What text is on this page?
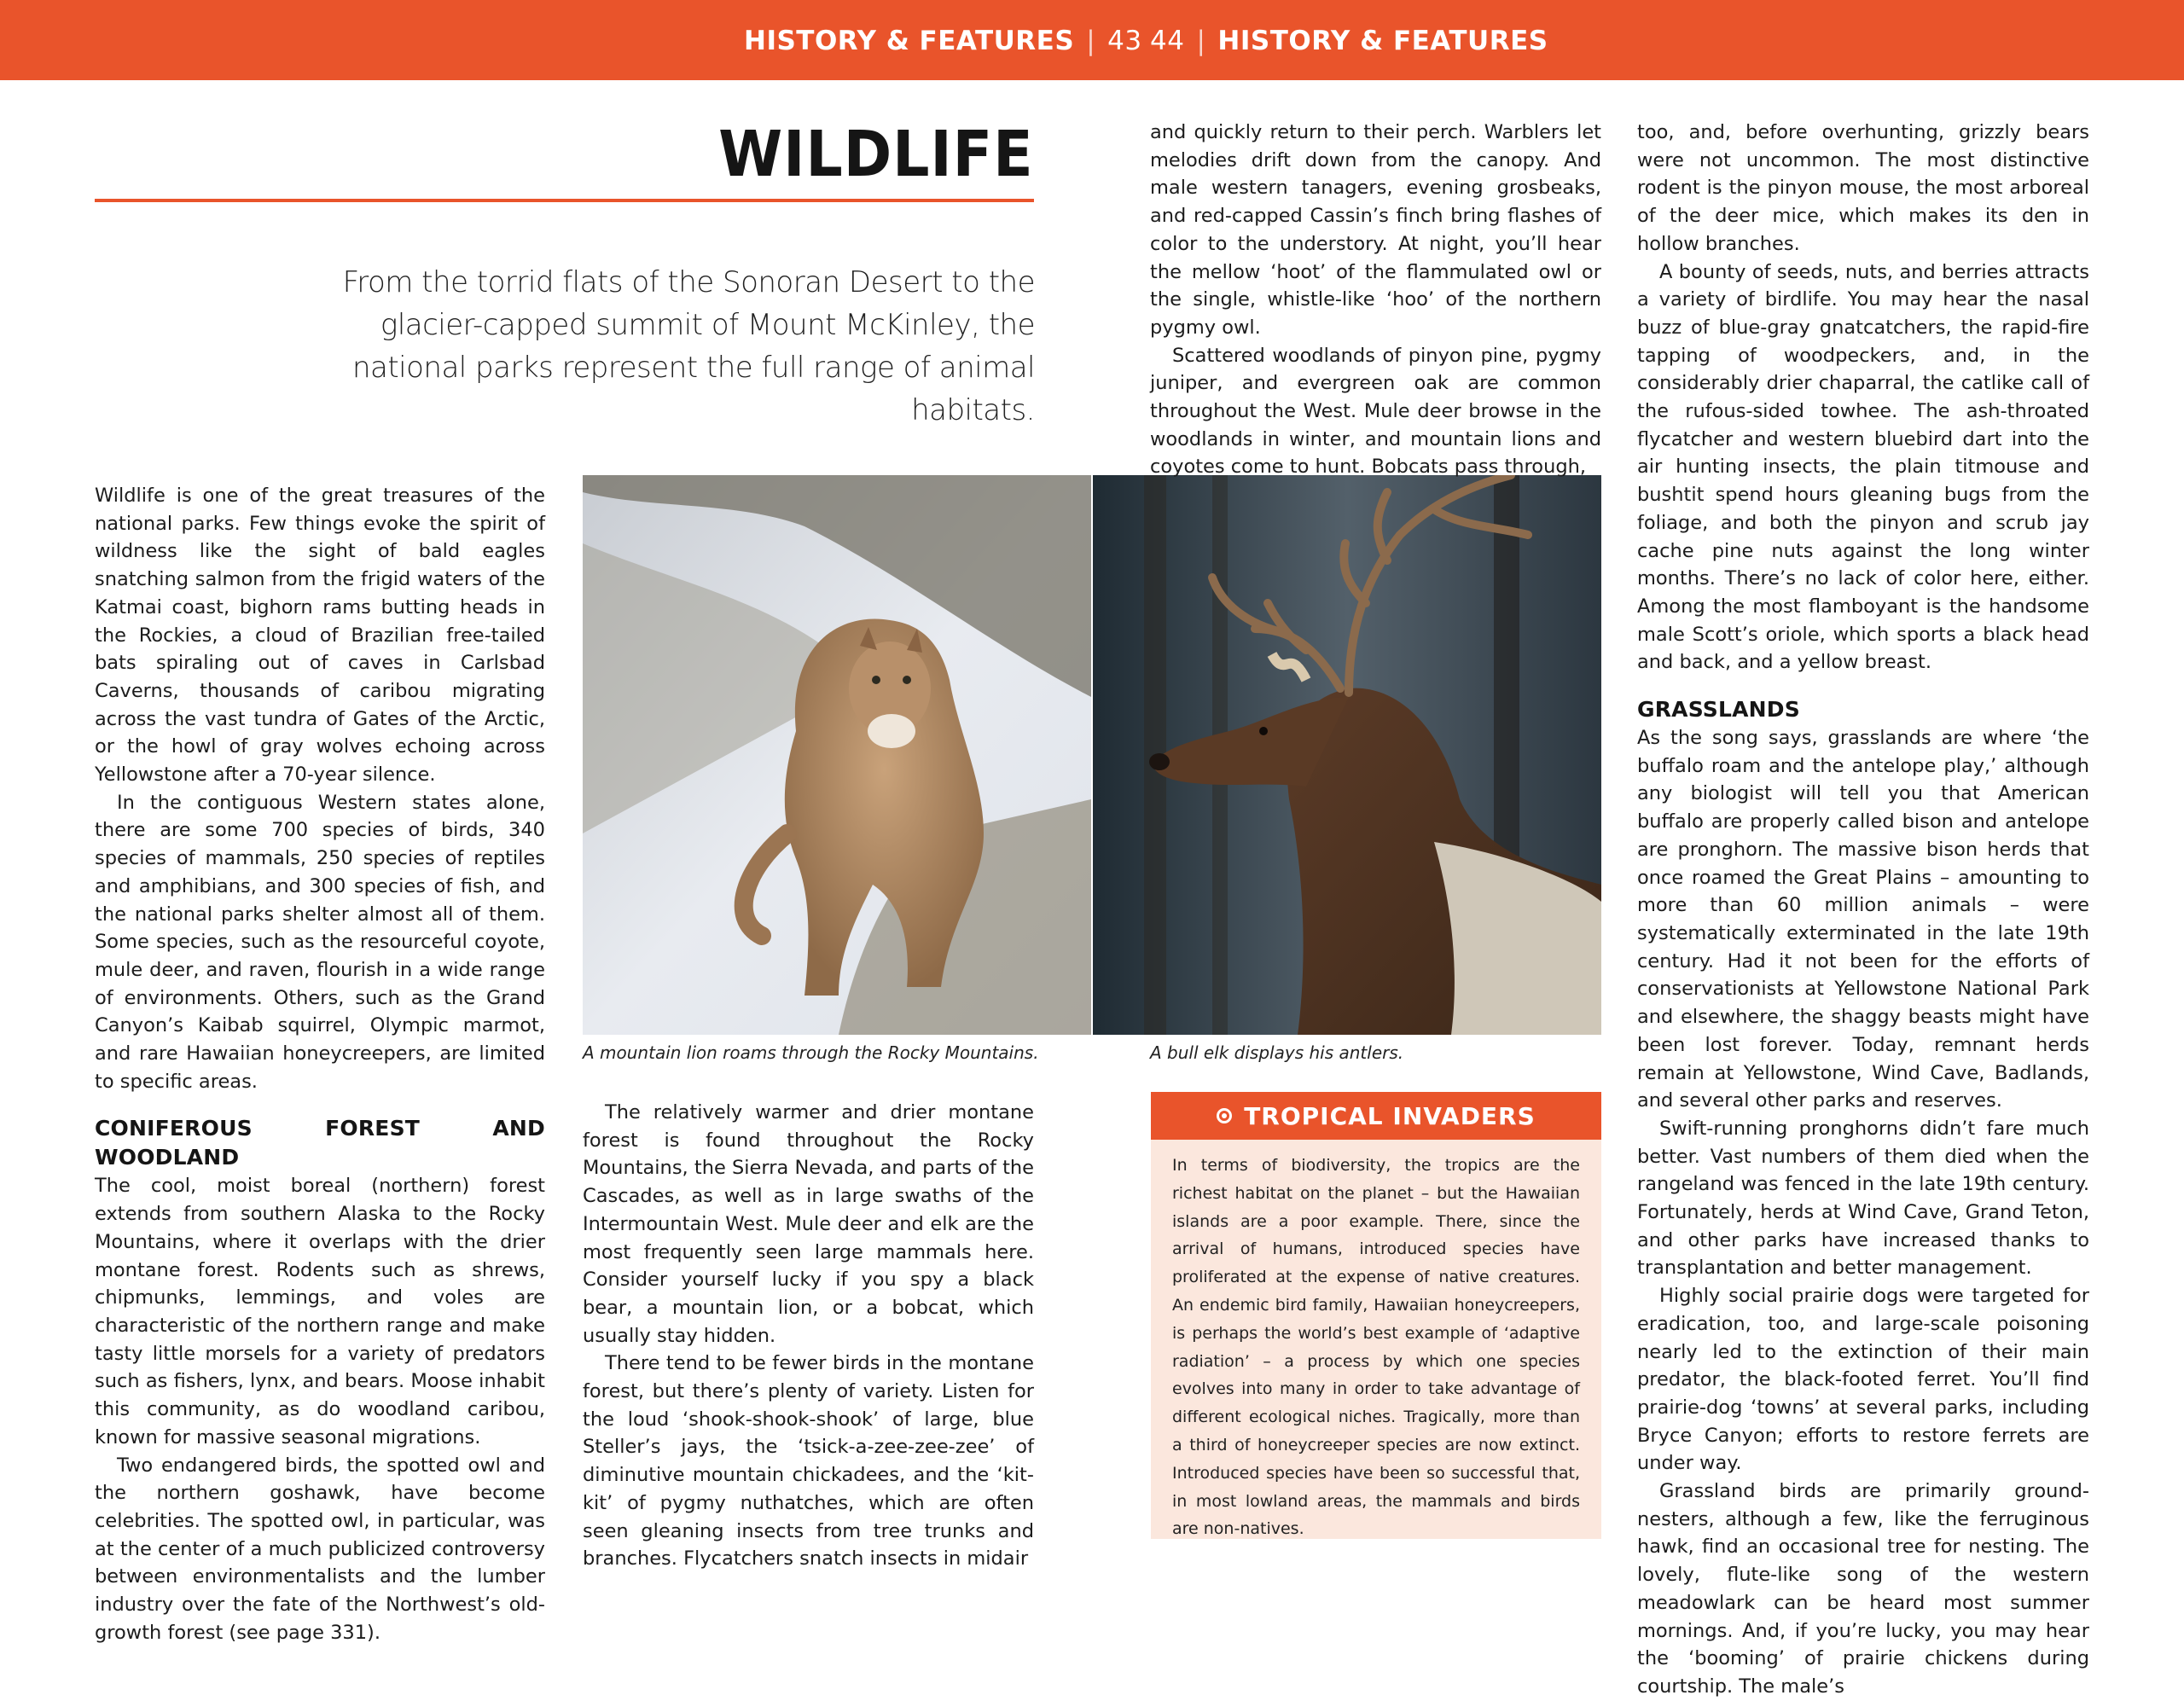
HISTORY & FEATURES | 43 44 | HISTORY & FEATURES
WILDLIFE
From the torrid flats of the Sonoran Desert to the glacier-capped summit of Mount McKinley, the national parks represent the full range of animal habitats.

Wildlife is one of the great treasures of the national parks. Few things evoke the spirit of wildness like the sight of bald eagles snatching salmon from the frigid waters of the Katmai coast, bighorn rams butting heads in the Rockies, a cloud of Brazilian free-tailed bats spiraling out of caves in Carlsbad Caverns, thousands of caribou migrating across the vast tundra of Gates of the Arctic, or the howl of gray wolves echoing across Yellowstone after a 70-year silence.

In the contiguous Western states alone, there are some 700 species of birds, 340 species of mammals, 250 species of reptiles and amphibians, and 300 species of fish, and the national parks shelter almost all of them. Some species, such as the resourceful coyote, mule deer, and raven, flourish in a wide range of environments. Others, such as the Grand Canyon’s Kaibab squirrel, Olympic marmot, and rare Hawaiian honeycreepers, are limited to specific areas.

CONIFEROUS FOREST AND WOODLAND

The cool, moist boreal (northern) forest extends from southern Alaska to the Rocky Mountains, where it overlaps with the drier montane forest. Rodents such as shrews, chipmunks, lemmings, and voles are characteristic of the northern range and make tasty little morsels for a variety of predators such as fishers, lynx, and bears. Moose inhabit this community, as do woodland caribou, known for massive seasonal migrations.

Two endangered birds, the spotted owl and the northern goshawk, have become celebrities. The spotted owl, in particular, was at the center of a much publicized controversy between environmentalists and the lumber industry over the fate of the Northwest’s old-growth forest (see page 331).

A mountain lion roams through the Rocky Mountains.	A bull elk displays his antlers.

The relatively warmer and drier montane forest is found throughout the Rocky Mountains, the Sierra Nevada, and parts of the Cascades, as well as in large swaths of the Intermountain West. Mule deer and elk are the most frequently seen large mammals here. Consider yourself lucky if you spy a black bear, a mountain lion, or a bobcat, which usually stay hidden.

There tend to be fewer birds in the montane forest, but there’s plenty of variety. Listen for the loud ‘shook-shook-shook’ of large, blue Steller’s jays, the ‘tsick-a-zee-zee-zee’ of diminutive mountain chickadees, and the ‘kit-kit’ of pygmy nuthatches, which are often seen gleaning insects from tree trunks and branches. Flycatchers snatch insects in midair

and quickly return to their perch. Warblers let melodies drift down from the canopy. And male western tanagers, evening grosbeaks, and red-capped Cassin’s finch bring flashes of color to the understory. At night, you’ll hear the mellow ‘hoot’ of the flammulated owl or the single, whistle-like ‘hoo’ of the northern pygmy owl.

Scattered woodlands of pinyon pine, pygmy juniper, and evergreen oak are common throughout the West. Mule deer browse in the woodlands in winter, and mountain lions and coyotes come to hunt. Bobcats pass through,

TROPICAL INVADERS
In terms of biodiversity, the tropics are the richest habitat on the planet – but the Hawaiian islands are a poor example. There, since the arrival of humans, introduced species have proliferated at the expense of native creatures. An endemic bird family, Hawaiian honeycreepers, is perhaps the world’s best example of ‘adaptive radiation’ – a process by which one species evolves into many in order to take advantage of different ecological niches. Tragically, more than a third of honeycreeper species are now extinct. Introduced species have been so successful that, in most lowland areas, the mammals and birds are non-natives.

too, and, before overhunting, grizzly bears were not uncommon. The most distinctive rodent is the pinyon mouse, the most arboreal of the deer mice, which makes its den in hollow branches.

A bounty of seeds, nuts, and berries attracts a variety of birdlife. You may hear the nasal buzz of blue-gray gnatcatchers, the rapid-fire tapping of woodpeckers, and, in the considerably drier chaparral, the catlike call of the rufous-sided towhee. The ash-throated flycatcher and western bluebird dart into the air hunting insects, the plain titmouse and bushtit spend hours gleaning bugs from the foliage, and both the pinyon and scrub jay cache pine nuts against the long winter months. There’s no lack of color here, either. Among the most flamboyant is the handsome male Scott’s oriole, which sports a black head and back, and a yellow breast.

GRASSLANDS

As the song says, grasslands are where ‘the buffalo roam and the antelope play,’ although any biologist will tell you that American buffalo are properly called bison and antelope are pronghorn. The massive bison herds that once roamed the Great Plains – amounting to more than 60 million animals – were systematically exterminated in the late 19th century. Had it not been for the efforts of conservationists at Yellowstone National Park and elsewhere, the shaggy beasts might have been lost forever. Today, remnant herds remain at Yellowstone, Wind Cave, Badlands, and several other parks and reserves.

Swift-running pronghorns didn’t fare much better. Vast numbers of them died when the rangeland was fenced in the late 19th century. Fortunately, herds at Wind Cave, Grand Teton, and other parks have increased thanks to transplantation and better management.

Highly social prairie dogs were targeted for eradication, too, and large-scale poisoning nearly led to the extinction of their main predator, the black-footed ferret. You’ll find prairie-dog ‘towns’ at several parks, including Bryce Canyon; efforts to restore ferrets are under way.

Grassland birds are primarily ground-nesters, although a few, like the ferruginous hawk, find an occasional tree for nesting. The lovely, flute-like song of the western meadowlark can be heard most summer mornings. And, if you’re lucky, you may hear the ‘booming’ of prairie chickens during courtship. The male’s
